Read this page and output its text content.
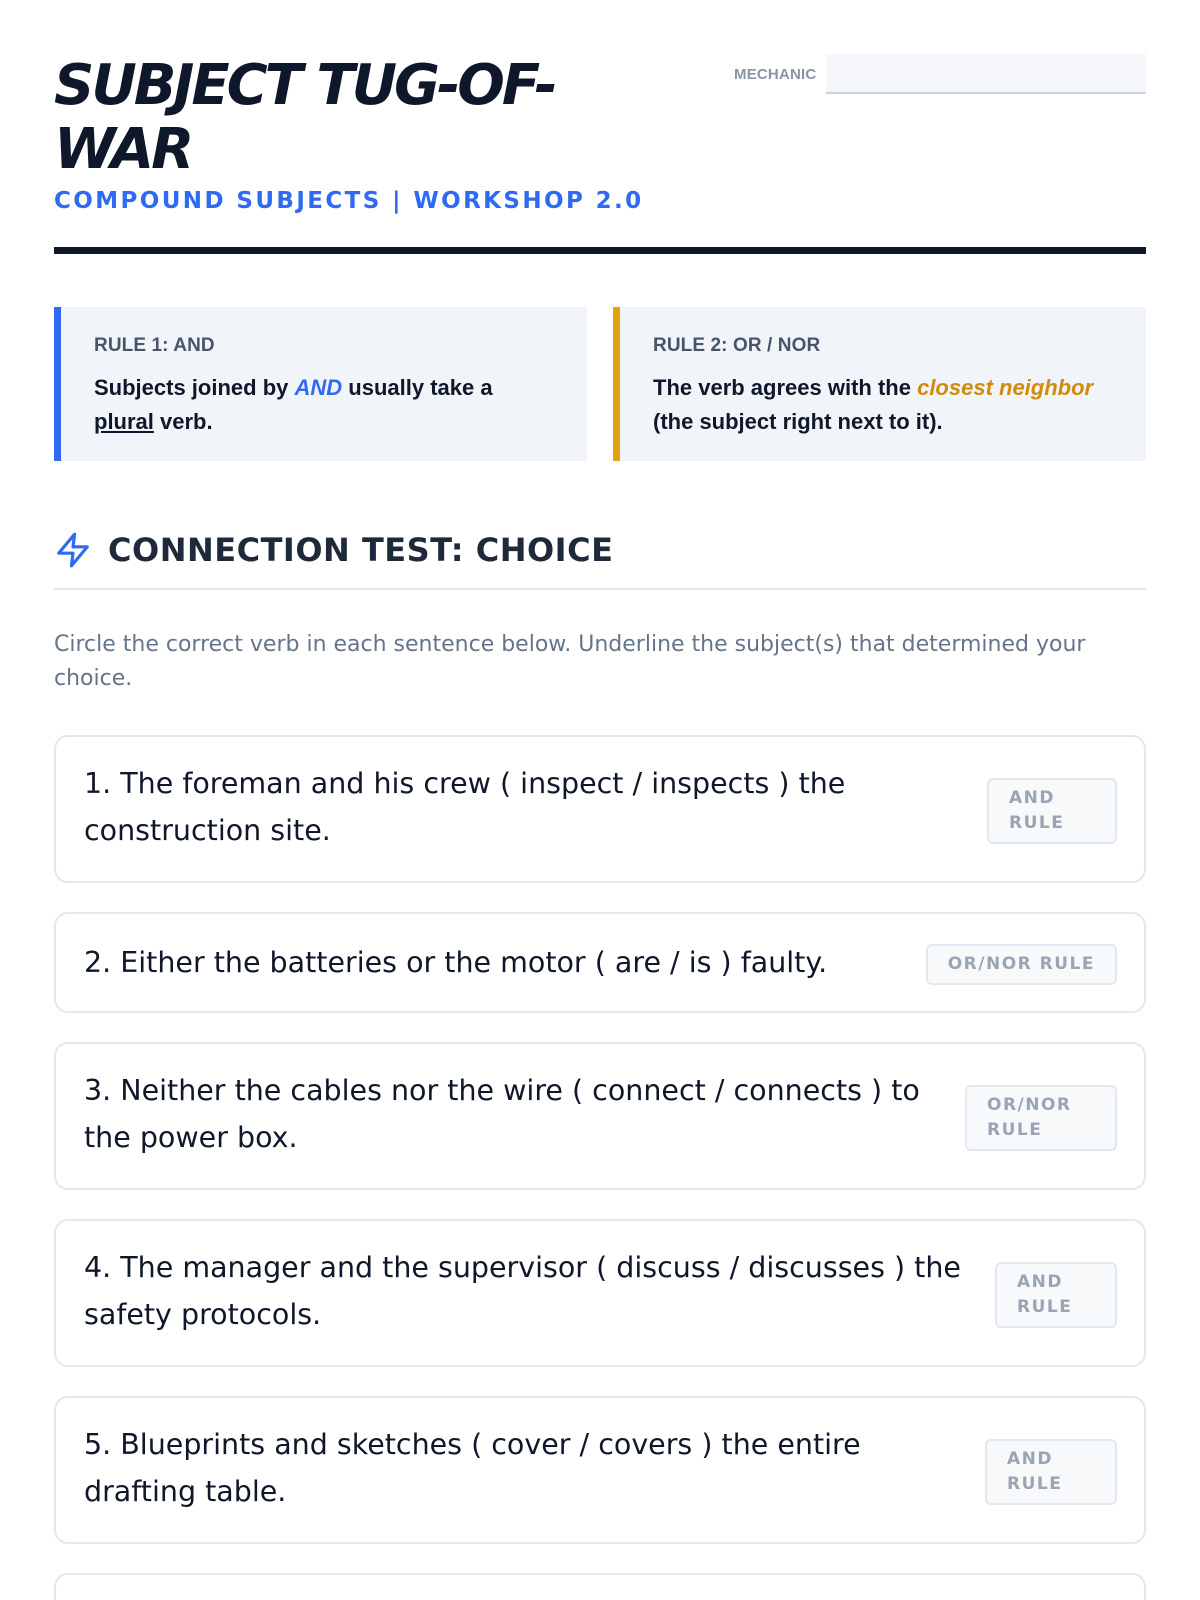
SUBJECT TUG-OF-WAR
COMPOUND SUBJECTS | WORKSHOP 2.0
MECHANIC
RULE 1: AND
Subjects joined by AND usually take a plural verb.
RULE 2: OR / NOR
The verb agrees with the closest neighbor (the subject right next to it).
CONNECTION TEST: CHOICE

Circle the correct verb in each sentence below. Underline the subject(s) that determined your choice.

1. The foreman and his crew ( inspect / inspects ) the construction site.
AND RULE
2. Either the batteries or the motor ( are / is ) faulty.	OR/NOR RULE
3. Neither the cables nor the wire ( connect / connects ) to the power box.
OR/NOR RULE
4. The manager and the supervisor ( discuss / discusses ) the safety protocols.
AND RULE
5. Blueprints and sketches ( cover / covers ) the entire drafting table.
AND RULE
